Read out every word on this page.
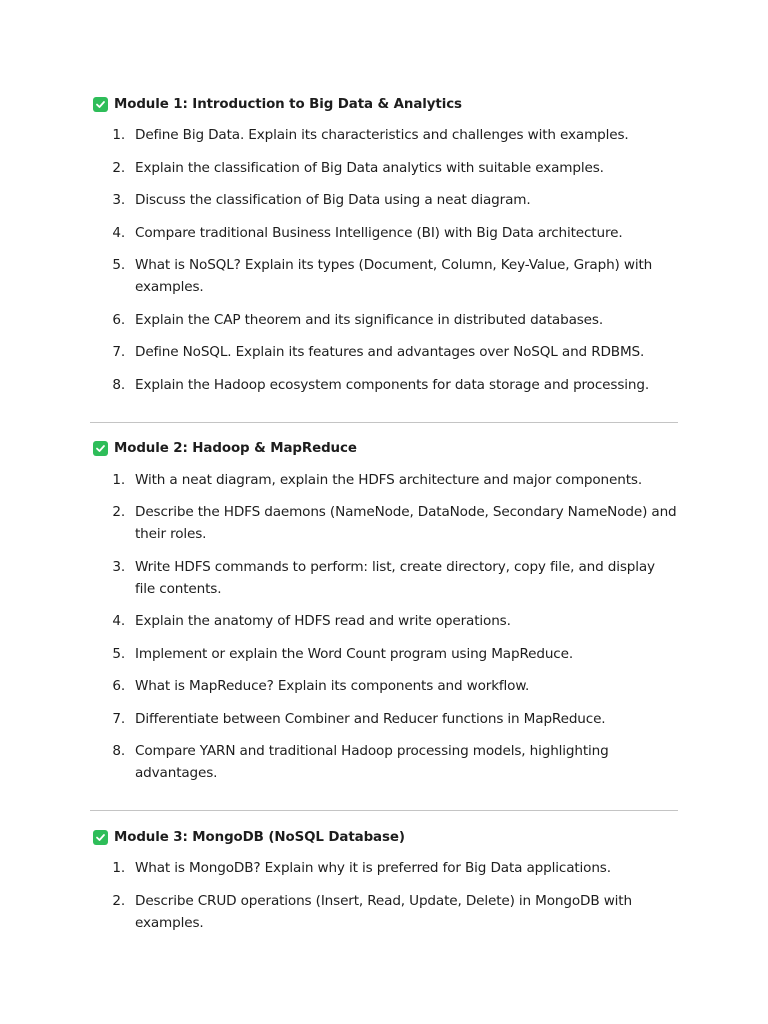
Module 1: Introduction to Big Data & Analytics
1. Define Big Data. Explain its characteristics and challenges with examples.
2. Explain the classification of Big Data analytics with suitable examples.
3. Discuss the classification of Big Data using a neat diagram.
4. Compare traditional Business Intelligence (BI) with Big Data architecture.
5. What is NoSQL? Explain its types (Document, Column, Key-Value, Graph) with examples.
6. Explain the CAP theorem and its significance in distributed databases.
7. Define NoSQL. Explain its features and advantages over NoSQL and RDBMS.
8. Explain the Hadoop ecosystem components for data storage and processing.
Module 2: Hadoop & MapReduce
1. With a neat diagram, explain the HDFS architecture and major components.
2. Describe the HDFS daemons (NameNode, DataNode, Secondary NameNode) and their roles.
3. Write HDFS commands to perform: list, create directory, copy file, and display file contents.
4. Explain the anatomy of HDFS read and write operations.
5. Implement or explain the Word Count program using MapReduce.
6. What is MapReduce? Explain its components and workflow.
7. Differentiate between Combiner and Reducer functions in MapReduce.
8. Compare YARN and traditional Hadoop processing models, highlighting advantages.
Module 3: MongoDB (NoSQL Database)
1. What is MongoDB? Explain why it is preferred for Big Data applications.
2. Describe CRUD operations (Insert, Read, Update, Delete) in MongoDB with examples.
